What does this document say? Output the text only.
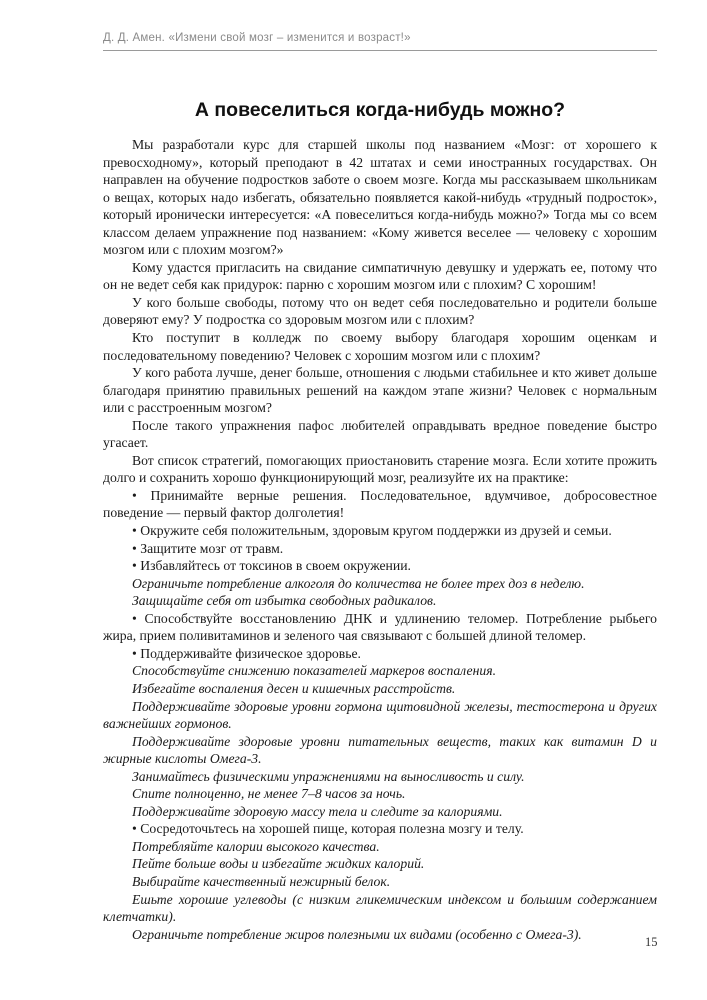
Д. Д. Амен. «Измени свой мозг – изменится и возраст!»
А повеселиться когда-нибудь можно?

Мы разработали курс для старшей школы под названием «Мозг: от хорошего к превосходному», который преподают в 42 штатах и семи иностранных государствах. Он направлен на обучение подростков заботе о своем мозге. Когда мы рассказываем школьникам о вещах, которых надо избегать, обязательно появляется какой-нибудь «трудный подросток», который иронически интересуется: «А повеселиться когда-нибудь можно?» Тогда мы со всем классом делаем упражнение под названием: «Кому живется веселее — человеку с хорошим мозгом или с плохим мозгом?»

Кому удастся пригласить на свидание симпатичную девушку и удержать ее, потому что он не ведет себя как придурок: парню с хорошим мозгом или с плохим? С хорошим!

У кого больше свободы, потому что он ведет себя последовательно и родители больше доверяют ему? У подростка со здоровым мозгом или с плохим?

Кто поступит в колледж по своему выбору благодаря хорошим оценкам и последовательному поведению? Человек с хорошим мозгом или с плохим?

У кого работа лучше, денег больше, отношения с людьми стабильнее и кто живет дольше благодаря принятию правильных решений на каждом этапе жизни? Человек с нормальным или с расстроенным мозгом?

После такого упражнения пафос любителей оправдывать вредное поведение быстро угасает.

Вот список стратегий, помогающих приостановить старение мозга. Если хотите прожить долго и сохранить хорошо функционирующий мозг, реализуйте их на практике:

• Принимайте верные решения. Последовательное, вдумчивое, добросовестное поведение — первый фактор долголетия!

• Окружите себя положительным, здоровым кругом поддержки из друзей и семьи.

• Защитите мозг от травм.

• Избавляйтесь от токсинов в своем окружении.

Ограничьте потребление алкоголя до количества не более трех доз в неделю.

Защищайте себя от избытка свободных радикалов.

• Способствуйте восстановлению ДНК и удлинению теломер. Потребление рыбьего жира, прием поливитаминов и зеленого чая связывают с большей длиной теломер.

• Поддерживайте физическое здоровье.

Способствуйте снижению показателей маркеров воспаления.

Избегайте воспаления десен и кишечных расстройств.

Поддерживайте здоровые уровни гормона щитовидной железы, тестостерона и других важнейших гормонов.

Поддерживайте здоровые уровни питательных веществ, таких как витамин D и жирные кислоты Омега-3.

Занимайтесь физическими упражнениями на выносливость и силу.

Спите полноценно, не менее 7–8 часов за ночь.

Поддерживайте здоровую массу тела и следите за калориями.

• Сосредоточьтесь на хорошей пище, которая полезна мозгу и телу.

Потребляйте калории высокого качества.

Пейте больше воды и избегайте жидких калорий.

Выбирайте качественный нежирный белок.

Ешьте хорошие углеводы (с низким гликемическим индексом и большим содержанием клетчатки).

Ограничьте потребление жиров полезными их видами (особенно с Омега-3).

15
